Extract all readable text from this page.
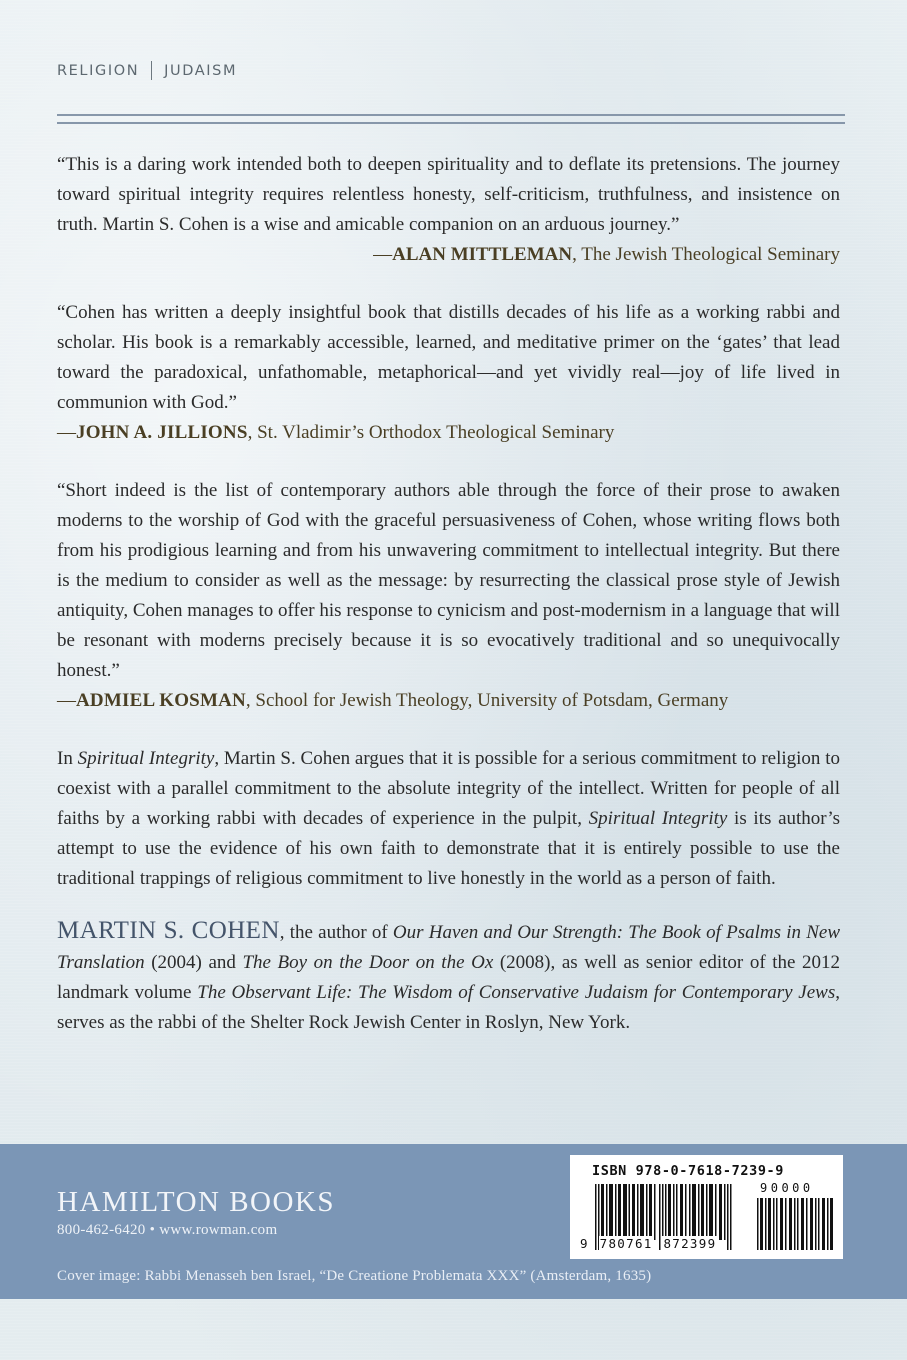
RELIGION JUDAISM
“This is a daring work intended both to deepen spirituality and to deflate its pretensions. The journey toward spiritual integrity requires relentless honesty, self-criticism, truthfulness, and insistence on truth. Martin S. Cohen is a wise and amicable companion on an arduous journey.”
—ALAN MITTLEMAN, The Jewish Theological Seminary
“Cohen has written a deeply insightful book that distills decades of his life as a working rabbi and scholar. His book is a remarkably accessible, learned, and meditative primer on the ‘gates’ that lead toward the paradoxical, unfathomable, metaphorical—and yet vividly real—joy of life lived in communion with God.”
—JOHN A. JILLIONS, St. Vladimir’s Orthodox Theological Seminary
“Short indeed is the list of contemporary authors able through the force of their prose to awaken moderns to the worship of God with the graceful persuasiveness of Cohen, whose writing flows both from his prodigious learning and from his unwavering commitment to intellectual integrity. But there is the medium to consider as well as the message: by resurrecting the classical prose style of Jewish antiquity, Cohen manages to offer his response to cynicism and post-modernism in a language that will be resonant with moderns precisely because it is so evocatively traditional and so unequivocally honest.”
—ADMIEL KOSMAN, School for Jewish Theology, University of Potsdam, Germany

In Spiritual Integrity, Martin S. Cohen argues that it is possible for a serious commitment to religion to coexist with a parallel commitment to the absolute integrity of the intellect. Written for people of all faiths by a working rabbi with decades of experience in the pulpit, Spiritual Integrity is its author’s attempt to use the evidence of his own faith to demonstrate that it is entirely possible to use the traditional trappings of religious commitment to live honestly in the world as a person of faith.

MARTIN S. COHEN, the author of Our Haven and Our Strength: The Book of Psalms in New Translation (2004) and The Boy on the Door on the Ox (2008), as well as senior editor of the 2012 landmark volume The Observant Life: The Wisdom of Conservative Judaism for Contemporary Jews, serves as the rabbi of the Shelter Rock Jewish Center in Roslyn, New York.

HAMILTON BOOKS
800-462-6420 • www.rowman.com
Cover image: Rabbi Menasseh ben Israel, “De Creatione Problemata XXX” (Amsterdam, 1635)
ISBN 978-0-7618-7239-9
90000
9 780761 872399
